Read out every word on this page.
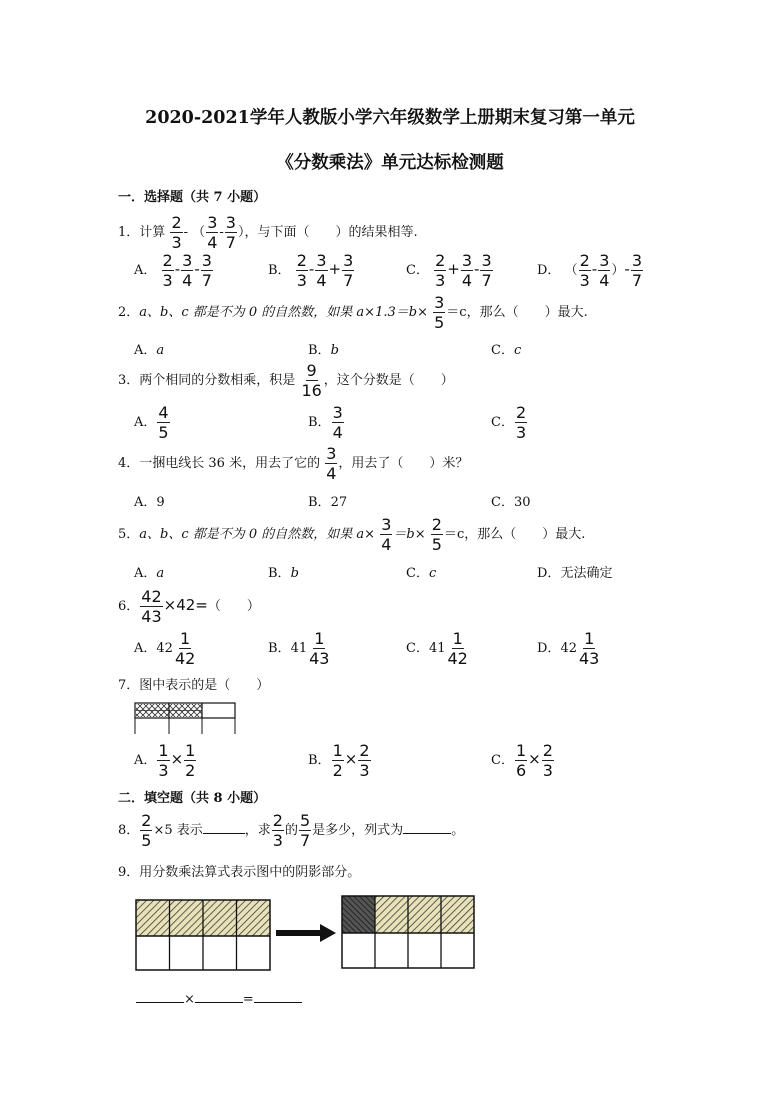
2020-2021学年人教版小学六年级数学上册期末复习第一单元
《分数乘法》单元达标检测题
一．选择题（共 7 小题）
1．计算 $\frac{2}{3}$ - （ $\frac{3}{4} - \frac{3}{7}$ ），与下面（　　）的结果相等.
A． $\frac{2}{3} - \frac{3}{4} - \frac{3}{7}$	B． $\frac{2}{3} - \frac{3}{4} + \frac{3}{7}$	C． $\frac{2}{3} + \frac{3}{4} - \frac{3}{7}$	D． （ $\frac{2}{3} - \frac{3}{4}$ ）- $\frac{3}{7}$
2．a、b、c 都是不为 0 的自然数，如果 $a\times 1.3=b\times \frac{3}{5} =c$，那么（　　）最大.
A．a	B．b	C．c
3．两个相同的分数相乘，积是 $\frac{9}{16}$ ，这个分数是（　　）
A． $\frac{4}{5}$	B． $\frac{3}{4}$	C． $\frac{2}{3}$
4．一捆电线长 36 米，用去了它的 $\frac{3}{4}$ ，用去了（　　）米？
A．9	B．27	C．30
5．a、b、c 都是不为 0 的自然数，如果 $a\times \frac{3}{4} =b\times \frac{2}{5} =c$，那么（　　）最大.
A．a	B．b	C．c	D．无法确定
6． $\frac{42}{43} \times 42=$（　　）
A．$42 \frac{1}{42}$	B．$41 \frac{1}{43}$	C．$41 \frac{1}{42}$	D．$42 \frac{1}{43}$
7．图中表示的是（　　）
A． $\frac{1}{3} \times \frac{1}{2}$	B． $\frac{1}{2} \times \frac{2}{3}$	C． $\frac{1}{6} \times \frac{2}{3}$
二．填空题（共 8 小题）
8． $\frac{2}{5} \times 5$ 表示	，求 $\frac{2}{3}$ 的 $\frac{5}{7}$ 是多少，列式为	。
9．用分数乘法算式表示图中的阴影部分。
×	=
